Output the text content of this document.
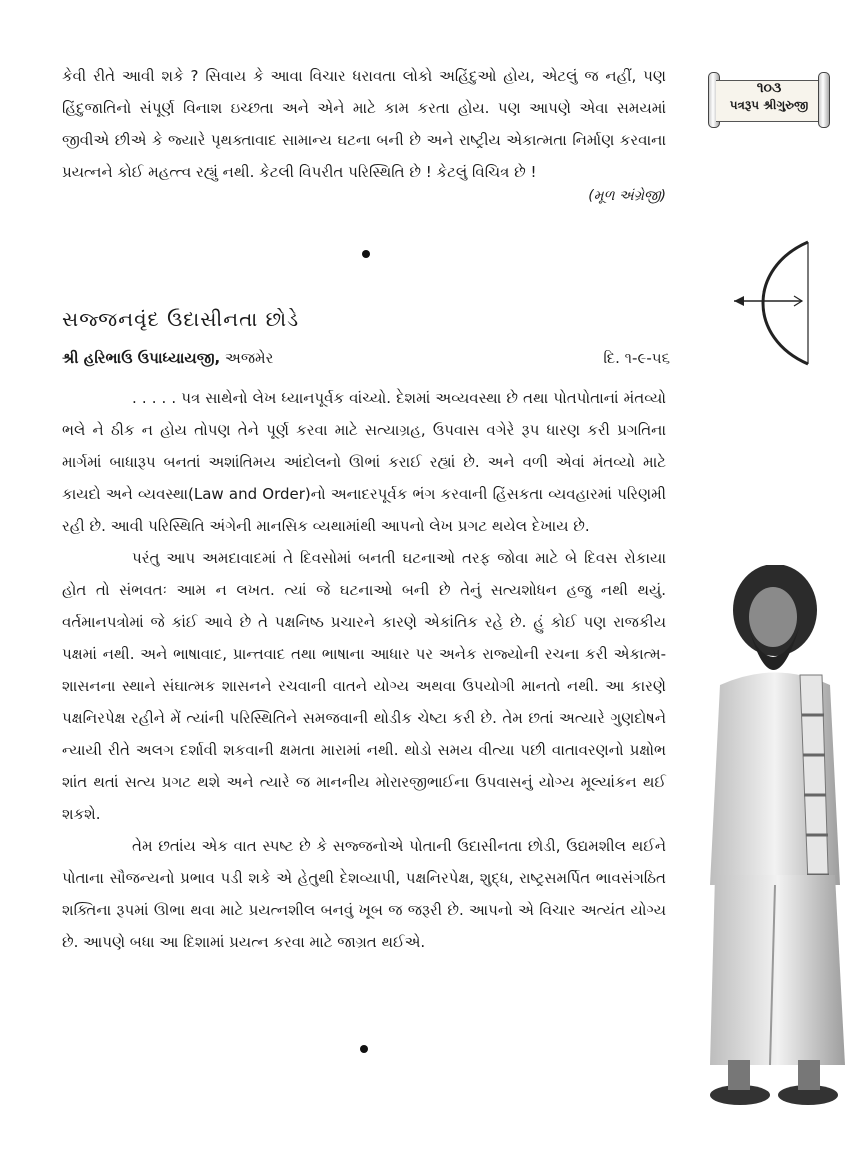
૧૦૩
પત્રરૂપ શ્રીગુરુજી

કેવી રીતે આવી શકે ? સિવાય કે આવા વિચાર ધરાવતા લોકો અહિંદુઓ હોય, એટલું જ નહીં, પણ હિંદુજાતિનો સંપૂર્ણ વિનાશ ઇચ્છતા અને એને માટે કામ કરતા હોય. પણ આપણે એવા સમયમાં જીવીએ છીએ કે જ્યારે પૃથક્તાવાદ સામાન્ય ઘટના બની છે અને રાષ્ટ્રીય એકાત્મતા નિર્માણ કરવાના પ્રયત્નને કોઈ મહત્ત્વ રહ્યું નથી. કેટલી વિપરીત પરિસ્થિતિ છે ! કેટલું વિચિત્ર છે !

(મૂળ અંગ્રેજી)
સજ્જનવૃંદ ઉદાસીનતા છોડે
શ્રી હરિભાઉ ઉપાધ્યાયજી, અજમેર	દિ. ૧-૯-૫૬

. . . . . પત્ર સાથેનો લેખ ધ્યાનપૂર્વક વાંચ્યો. દેશમાં અવ્યવસ્થા છે તથા પોતપોતાનાં મંતવ્યો ભલે ને ઠીક ન હોય તોપણ તેને પૂર્ણ કરવા માટે સત્યાગ્રહ, ઉપવાસ વગેરે રૂપ ધારણ કરી પ્રગતિના માર્ગમાં બાધારૂપ બનતાં અશાંતિમય આંદોલનો ઊભાં કરાઈ રહ્યાં છે. અને વળી એવાં મંતવ્યો માટે કાયદો અને વ્યવસ્થા(Law and Order)નો અનાદરપૂર્વક ભંગ કરવાની હિંસકતા વ્યવહારમાં પરિણમી રહી છે. આવી પરિસ્થિતિ અંગેની માનસિક વ્યથામાંથી આપનો લેખ પ્રગટ થયેલ દેખાય છે.

પરંતુ આપ અમદાવાદમાં તે દિવસોમાં બનતી ઘટનાઓ તરફ જોવા માટે બે દિવસ રોકાયા હોત તો સંભવતઃ આમ ન લખત. ત્યાં જે ઘટનાઓ બની છે તેનું સત્યશોધન હજુ નથી થયું. વર્તમાનપત્રોમાં જે કાંઈ આવે છે તે પક્ષનિષ્ઠ પ્રચારને કારણે એકાંતિક રહે છે. હું કોઈ પણ રાજકીય પક્ષમાં નથી. અને ભાષાવાદ, પ્રાન્તવાદ તથા ભાષાના આધાર પર અનેક રાજ્યોની રચના કરી એકાત્મ-શાસનના સ્થાને સંઘાત્મક શાસનને રચવાની વાતને યોગ્ય અથવા ઉપયોગી માનતો નથી. આ કારણે પક્ષનિરપેક્ષ રહીને મેં ત્યાંની પરિસ્થિતિને સમજવાની થોડીક ચેષ્ટા કરી છે. તેમ છતાં અત્યારે ગુણદોષને ન્યાયી રીતે અલગ દર્શાવી શકવાની ક્ષમતા મારામાં નથી. થોડો સમય વીત્યા પછી વાતાવરણનો પ્રક્ષોભ શાંત થતાં સત્ય પ્રગટ થશે અને ત્યારે જ માનનીય મોરારજીભાઈના ઉપવાસનું યોગ્ય મૂલ્યાંકન થઈ શકશે.

તેમ છતાંય એક વાત સ્પષ્ટ છે કે સજ્જનોએ પોતાની ઉદાસીનતા છોડી, ઉદ્યમશીલ થઈને પોતાના સૌજન્યનો પ્રભાવ પડી શકે એ હેતુથી દેશવ્યાપી, પક્ષનિરપેક્ષ, શુદ્ધ, રાષ્ટ્રસમર્પિત ભાવસંગઠિત શક્તિના રૂપમાં ઊભા થવા માટે પ્રયત્નશીલ બનવું ખૂબ જ જરૂરી છે. આપનો એ વિચાર અત્યંત યોગ્ય છે. આપણે બધા આ દિશામાં પ્રયત્ન કરવા માટે જાગ્રત થઈએ.
